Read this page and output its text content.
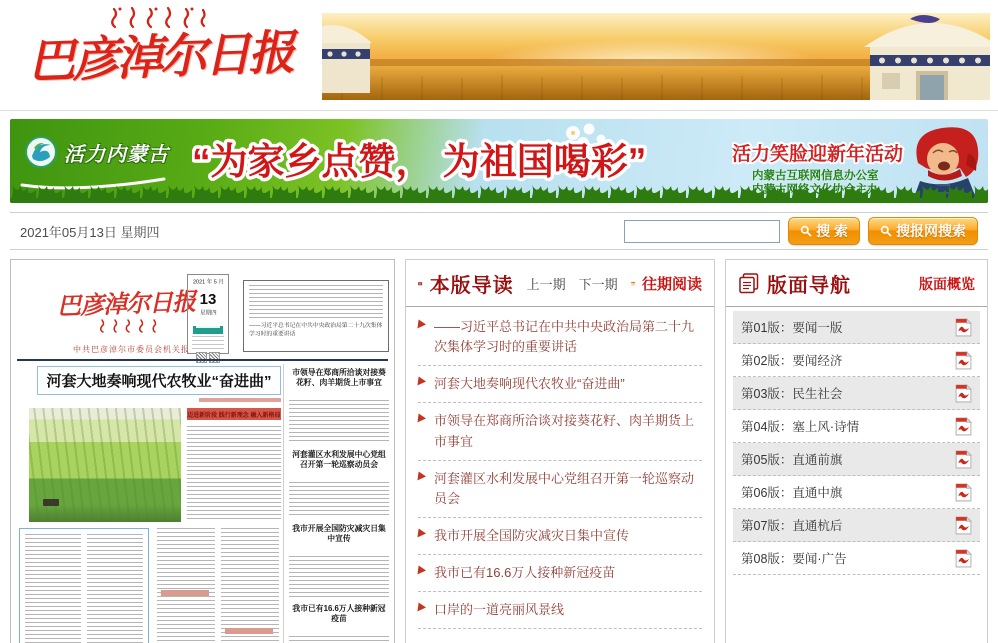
巴彦淖尔日报
活力内蒙古 “为家乡点赞， 为祖国喝彩”	活力笑脸迎新年活动
内蒙古互联网信息办公室
2021年05月13日 星期四	搜 索	搜报网搜索
巴彦淖尔日报
中共巴彦淖尔市委员会机关报
2021 年 5 月
13
星期四
——习近平总书记在中共中央政治局第二十九次集体学习时的重要讲话
河套大地奏响现代农牧业“奋进曲”
迈进新阶段 践行新理念 融入新格局
市领导在郑商所洽谈对接葵花籽、肉羊期货上市事宜
河套灌区水利发展中心党组召开第一轮巡察动员会
我市开展全国防灾减灾日集中宣传
我市已有16.6万人接种新冠疫苗
本版导读 上一期 下一期 往期阅读
——习近平总书记在中共中央政治局第二十九次集体学习时的重要讲话
河套大地奏响现代农牧业“奋进曲”
市领导在郑商所洽谈对接葵花籽、肉羊期货上市事宜
河套灌区水利发展中心党组召开第一轮巡察动员会
我市开展全国防灾减灾日集中宣传
我市已有16.6万人接种新冠疫苗
口岸的一道亮丽风景线
版面导航	版面概览
第01版：要闻一版
第02版：要闻经济
第03版：民生社会
第04版：塞上风·诗情
第05版：直通前旗
第06版：直通中旗
第07版：直通杭后
第08版：要闻·广告
